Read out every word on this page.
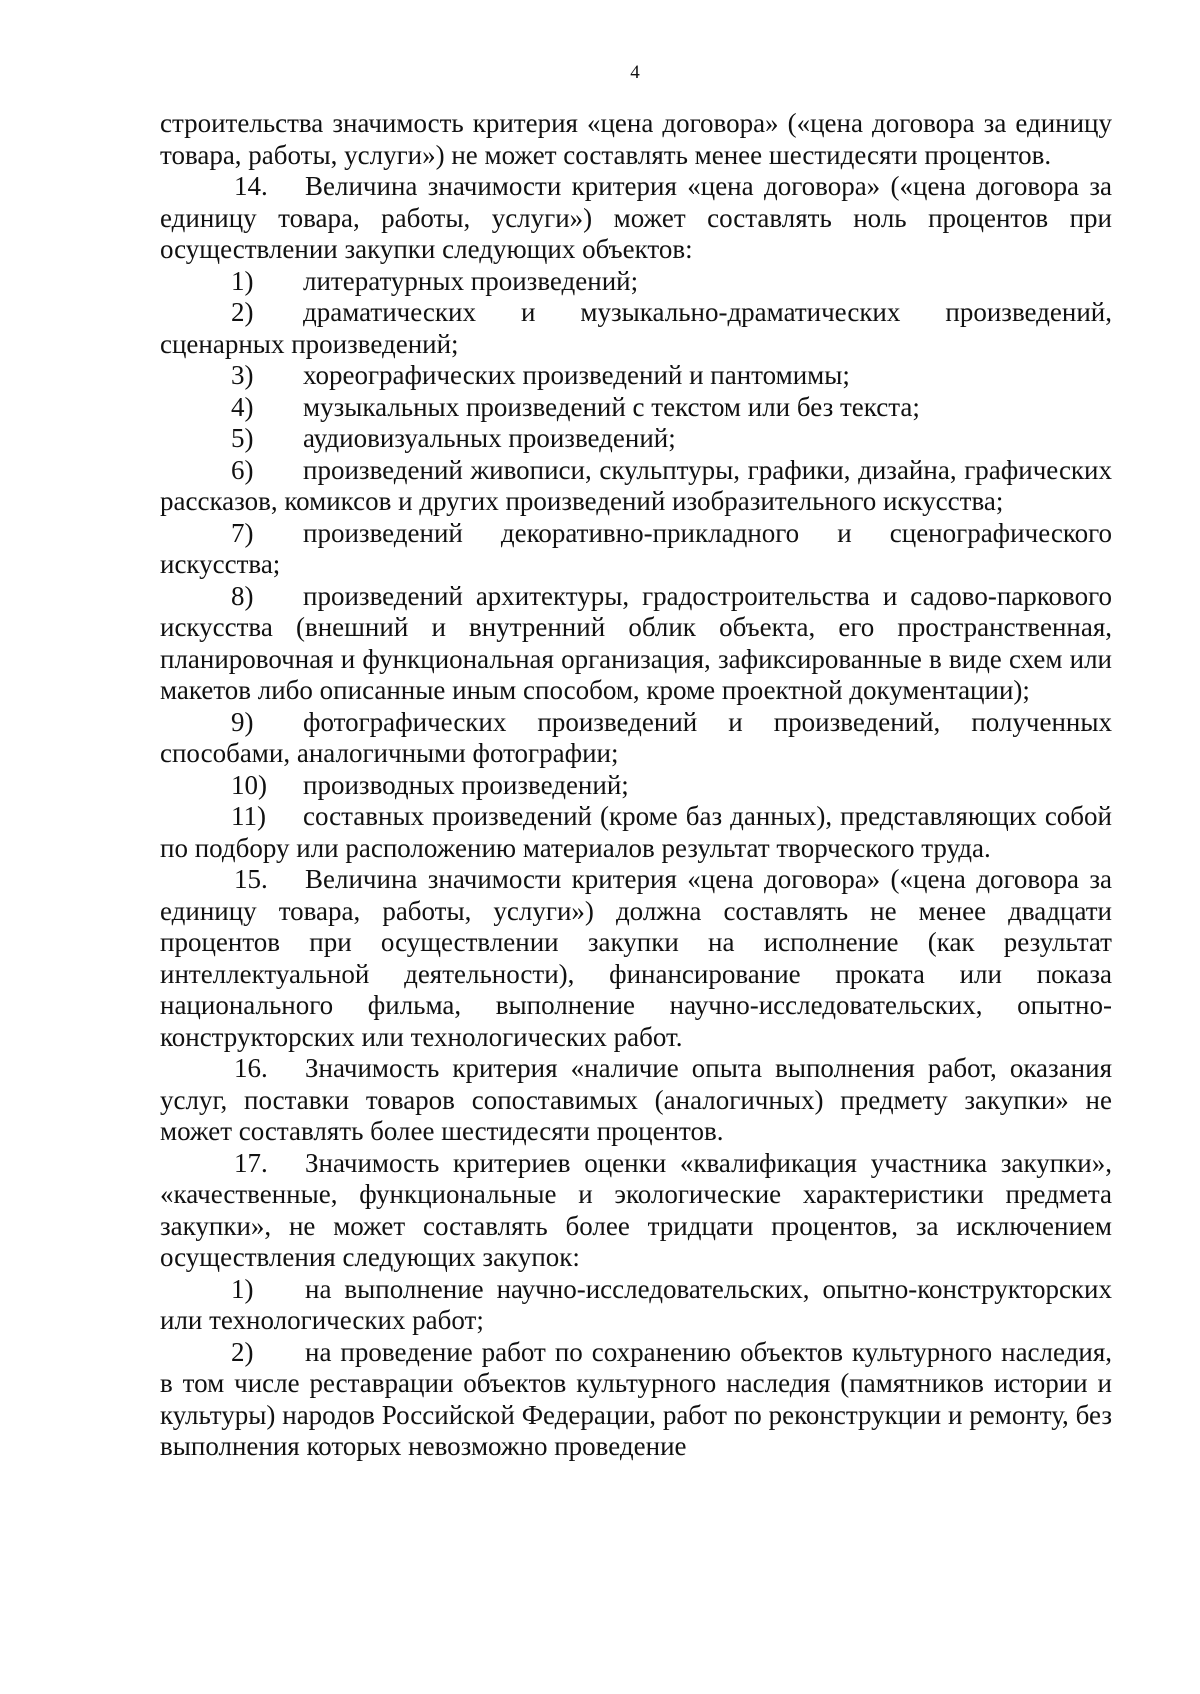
4

строительства значимость критерия «цена договора» («цена договора за единицу товара, работы, услуги») не может составлять менее шестидесяти процентов.

14. Величина значимости критерия «цена договора» («цена договора за единицу товара, работы, услуги») может составлять ноль процентов при осуществлении закупки следующих объектов:

1) литературных произведений;

2) драматических и музыкально-драматических произведений, сценарных произведений;

3) хореографических произведений и пантомимы;

4) музыкальных произведений с текстом или без текста;

5) аудиовизуальных произведений;

6) произведений живописи, скульптуры, графики, дизайна, графических рассказов, комиксов и других произведений изобразительного искусства;

7) произведений декоративно-прикладного и сценографического искусства;

8) произведений архитектуры, градостроительства и садово-паркового искусства (внешний и внутренний облик объекта, его пространственная, планировочная и функциональная организация, зафиксированные в виде схем или макетов либо описанные иным способом, кроме проектной документации);

9) фотографических произведений и произведений, полученных способами, аналогичными фотографии;

10) производных произведений;

11) составных произведений (кроме баз данных), представляющих собой по подбору или расположению материалов результат творческого труда.

15. Величина значимости критерия «цена договора» («цена договора за единицу товара, работы, услуги») должна составлять не менее двадцати процентов при осуществлении закупки на исполнение (как результат интеллектуальной деятельности), финансирование проката или показа национального фильма, выполнение научно-исследовательских, опытно-конструкторских или технологических работ.

16. Значимость критерия «наличие опыта выполнения работ, оказания услуг, поставки товаров сопоставимых (аналогичных) предмету закупки» не может составлять более шестидесяти процентов.

17. Значимость критериев оценки «квалификация участника закупки», «качественные, функциональные и экологические характеристики предмета закупки», не может составлять более тридцати процентов, за исключением осуществления следующих закупок:

1) на выполнение научно-исследовательских, опытно-конструкторских или технологических работ;

2) на проведение работ по сохранению объектов культурного наследия, в том числе реставрации объектов культурного наследия (памятников истории и культуры) народов Российской Федерации, работ по реконструкции и ремонту, без выполнения которых невозможно проведение
